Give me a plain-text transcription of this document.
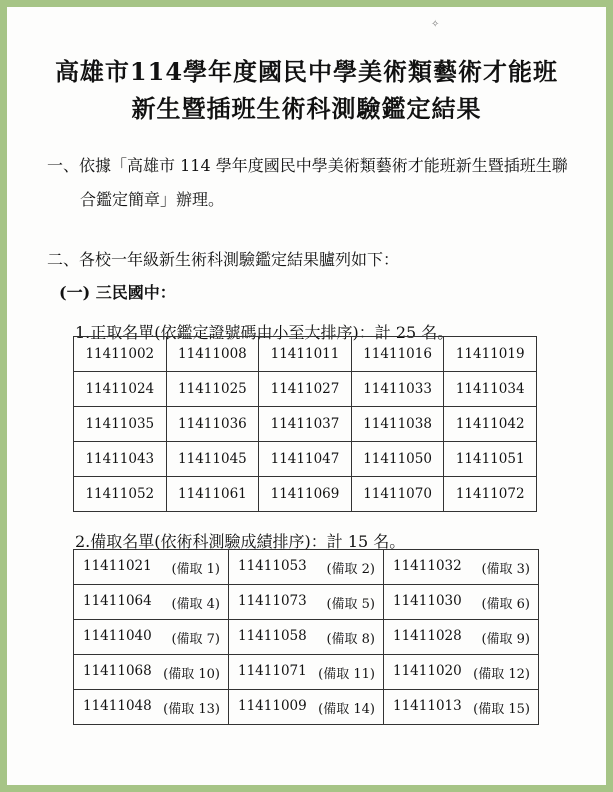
✧
高雄市114學年度國民中學美術類藝術才能班
新生暨插班生術科測驗鑑定結果
一、依據「高雄市 114 學年度國民中學美術類藝術才能班新生暨插班生聯
合鑑定簡章」辦理。
二、各校一年級新生術科測驗鑑定結果臚列如下：
(一) 三民國中：
1.正取名單(依鑑定證號碼由小至大排序)：計 25 名。
11411002	11411008	11411011	11411016	11411019
11411024	11411025	11411027	11411033	11411034
11411035	11411036	11411037	11411038	11411042
11411043	11411045	11411047	11411050	11411051
11411052	11411061	11411069	11411070	11411072
2.備取名單(依術科測驗成績排序)：計 15 名。
11411021 (備取 1)	11411053 (備取 2)	11411032 (備取 3)

11411064 (備取 4)	11411073 (備取 5)	11411030 (備取 6)

11411040 (備取 7)	11411058 (備取 8)	11411028 (備取 9)

11411068 (備取 10)	11411071 (備取 11)	11411020 (備取 12)

11411048 (備取 13)	11411009 (備取 14)	11411013 (備取 15)
